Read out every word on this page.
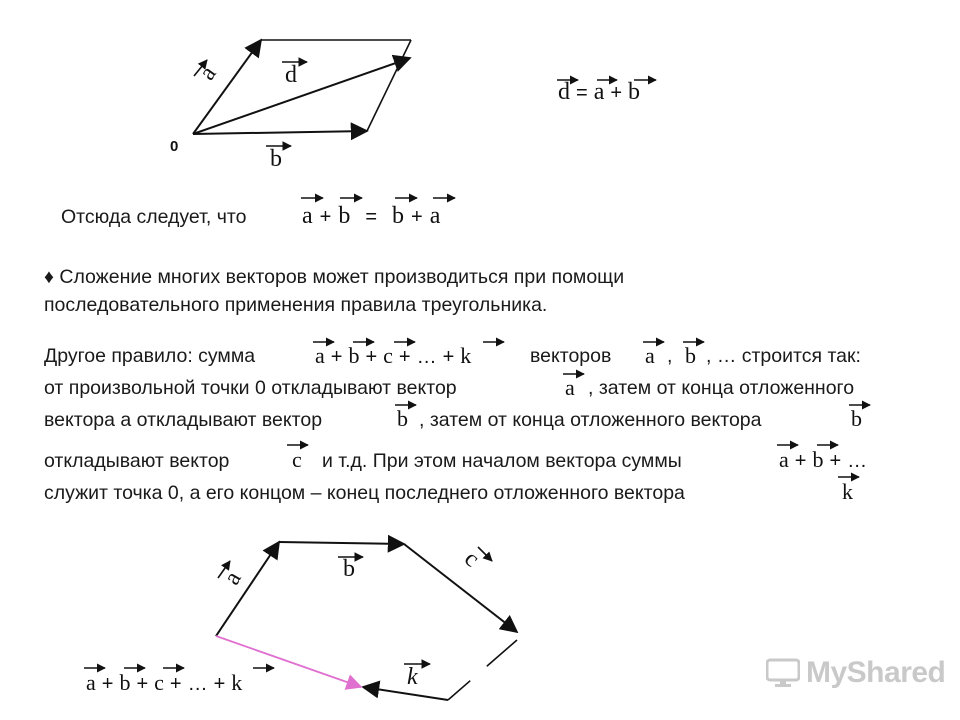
0
a	d
b
d = a + b
Отсюда следует, что a + b = b + a
♦ Сложение многих векторов может производиться при помощи
последовательного применения правила треугольника.
Другое правило: сумма	a + b + c + … + k	векторов a , b , … строится так:
от произвольной точки 0 откладывают вектор	a , затем от конца отложенного
вектора а откладывают вектор	b , затем от конца отложенного вектора	b
откладывают вектор	c и т.д. При этом началом вектора суммы	a + b + …
служит точка 0, а его концом – конец последнего отложенного вектора	k
a	b	c
k
a + b + c + … + k	MyShared
